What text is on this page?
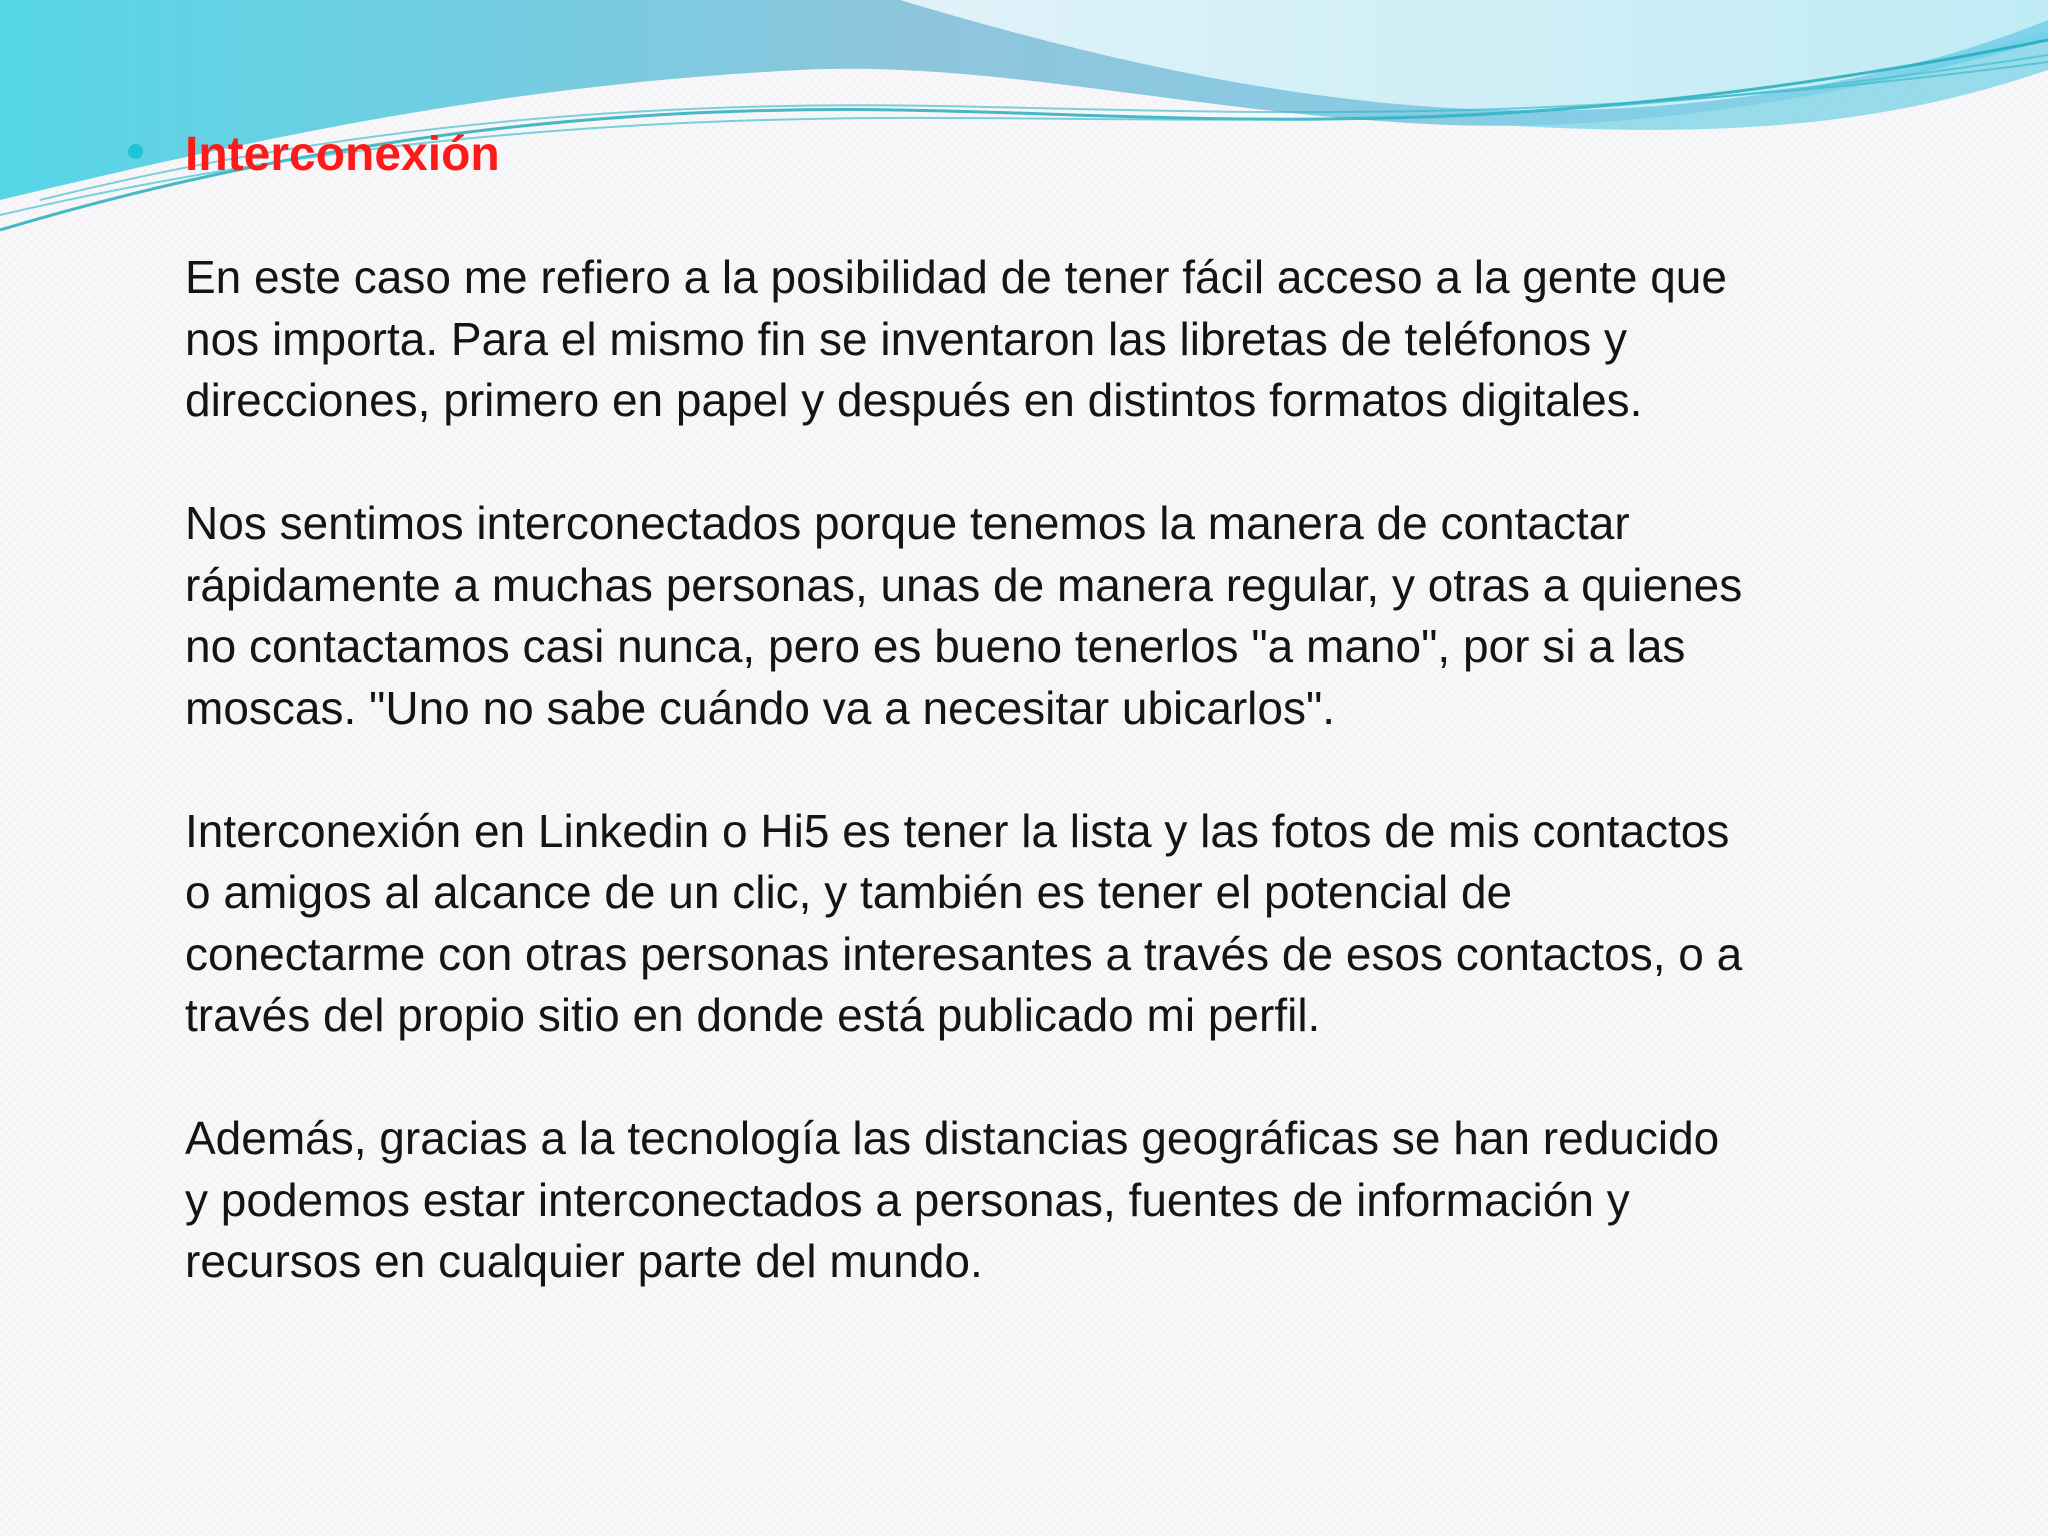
Interconexión

En este caso me refiero a la posibilidad de tener fácil acceso a la gente que
nos importa. Para el mismo fin se inventaron las libretas de teléfonos y
direcciones, primero en papel y después en distintos formatos digitales.

Nos sentimos interconectados porque tenemos la manera de contactar
rápidamente a muchas personas, unas de manera regular, y otras a quienes
no contactamos casi nunca, pero es bueno tenerlos "a mano", por si a las
moscas. "Uno no sabe cuándo va a necesitar ubicarlos".

Interconexión en Linkedin o Hi5 es tener la lista y las fotos de mis contactos
o amigos al alcance de un clic, y también es tener el potencial de
conectarme con otras personas interesantes a través de esos contactos, o a
través del propio sitio en donde está publicado mi perfil.

Además, gracias a la tecnología las distancias geográficas se han reducido
y podemos estar interconectados a personas, fuentes de información y
recursos en cualquier parte del mundo.
